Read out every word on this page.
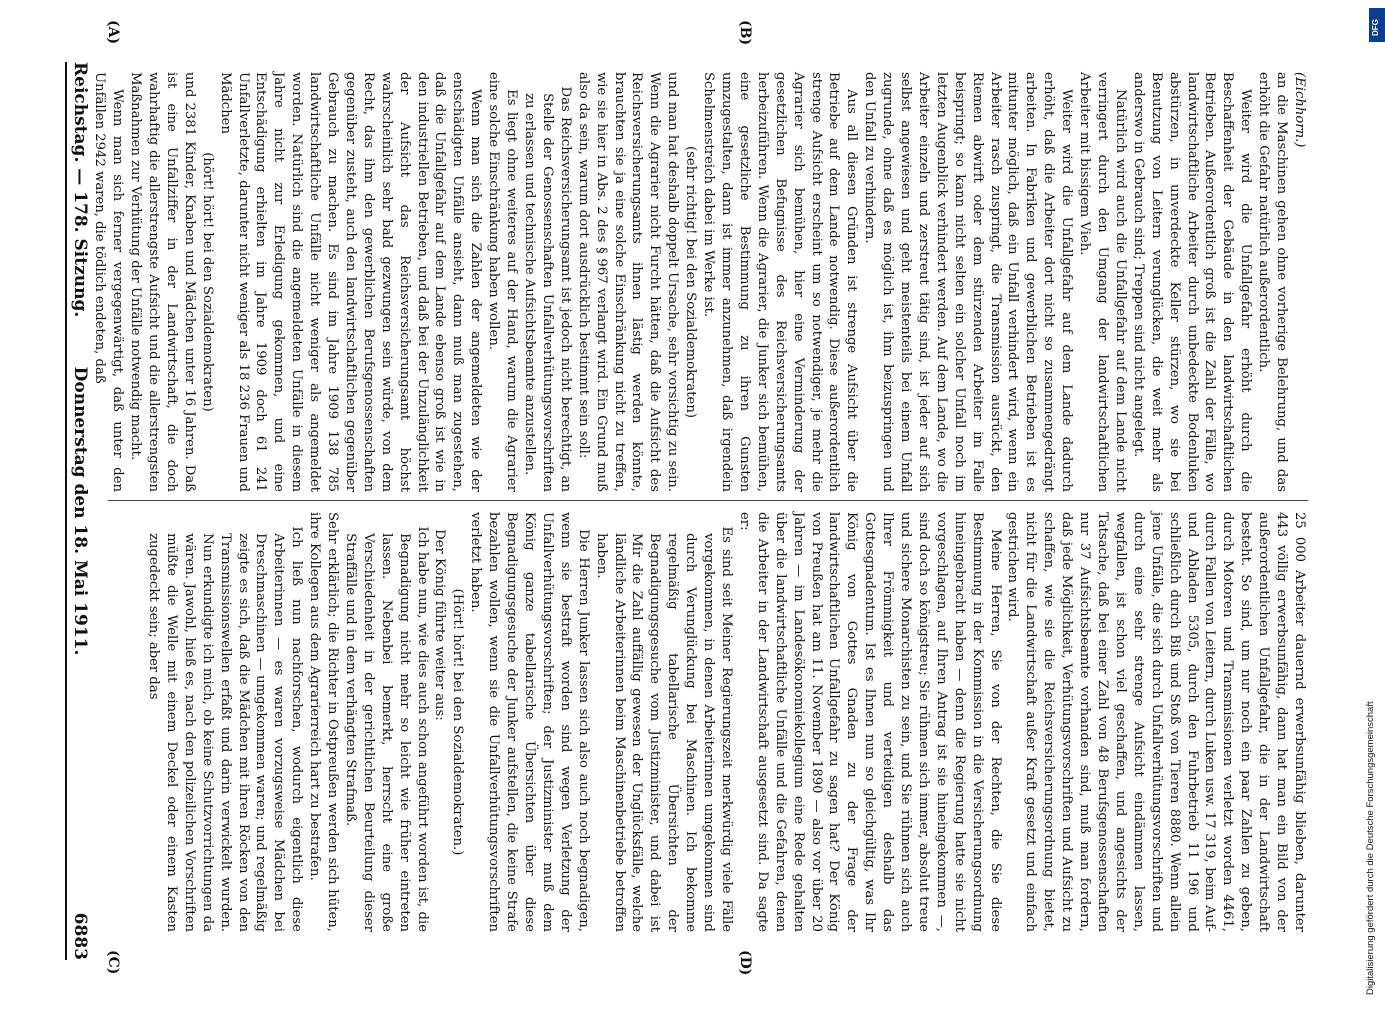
Reichstag. — 178. Sitzung.
Donnerstag den 18. Mai 1911.
6883
(A)	(B)
(C)	(D)

(Eichhorn.)

an die Maschinen gehen ohne vorherige Belehrung, und das erhöht die Gefahr natürlich außerordentlich.

Weiter wird die Unfallgefahr erhöht durch die Beschaffenheit der Gebäude in den landwirtschaftlichen Betrieben. Außerordentlich groß ist die Zahl der Fälle, wo landwirtschaftliche Arbeiter durch unbedeckte Bodenluken abstürzen, in unverdeckte Keller stürzen, wo sie bei Benutzung von Leitern verunglücken, die weit mehr als anderswo in Gebrauch sind; Treppen sind nicht angelegt.

Natürlich wird auch die Unfallgefahr auf dem Lande nicht verringert durch den Umgang der landwirtschaftlichen Arbeiter mit bissigem Vieh.

Weiter wird die Unfallgefahr auf dem Lande dadurch erhöht, daß die Arbeiter dort nicht so zusammengedrängt arbeiten. In Fabriken und gewerblichen Betrieben ist es mitunter möglich, daß ein Unfall verhindert wird, wenn ein Arbeiter rasch zuspringt, die Transmission ausrückt, den Riemen abwirft oder dem stürzenden Arbeiter im Falle beispringt; so kann nicht selten ein solcher Unfall noch im letzten Augenblick verhindert werden. Auf dem Lande, wo die Arbeiter einzeln und zerstreut tätig sind, ist jeder auf sich selbst angewiesen und geht meistenteils bei einem Unfall zugrunde, ohne daß es möglich ist, ihm beizuspringen und den Unfall zu verhindern.

Aus all diesen Gründen ist strenge Aufsicht über die Betriebe auf dem Lande notwendig. Diese außerordentlich strenge Aufsicht erscheint um so notwendiger, je mehr die Agrarier sich bemühen, hier eine Verminderung der gesetzlichen Befugnisse des Reichsversicherungsamts herbeizuführen. Wenn die Agrarier, die Junker sich bemühen, eine gesetzliche Bestimmung zu ihren Gunsten umzugestalten, dann ist immer anzunehmen, daß irgendein Schelmenstreich dabei im Werke ist.

(sehr richtig! bei den Sozialdemokraten)

und man hat deshalb doppelt Ursache, sehr vorsichtig zu sein. Wenn die Agrarier nicht Furcht hätten, daß die Aufsicht des Reichsversicherungsamts ihnen lästig werden könnte, brauchten sie ja eine solche Einschränkung nicht zu treffen, wie sie hier in Abs. 2 des § 967 verlangt wird. Ein Grund muß also da sein, warum dort ausdrücklich bestimmt sein soll:

Das Reichsversicherungsamt ist jedoch nicht berechtigt, an Stelle der Genossenschaften Unfallverhütungsvorschriften zu erlassen und technische Aufsichtsbeamte anzustellen.

Es liegt ohne weiteres auf der Hand, warum die Agrarier eine solche Einschränkung haben wollen.

Wenn man sich die Zahlen der angemeldeten wie der entschädigten Unfälle ansieht, dann muß man zugestehen, daß die Unfallgefahr auf dem Lande ebenso groß ist wie in den industriellen Betrieben, und daß bei der Unzulänglichkeit der Aufsicht das Reichsversicherungsamt höchst wahrscheinlich sehr bald gezwungen sein würde, von dem Recht, das ihm den gewerblichen Berufsgenossenschaften gegenüber zusteht, auch den landwirtschaftlichen gegenüber Gebrauch zu machen. Es sind im Jahre 1909 138 785 landwirtschaftliche Unfälle nicht weniger als angemeldet worden. Natürlich sind die angemeldeten Unfälle in diesem Jahre nicht zur Erledigung gekommen, und eine Entschädigung erhielten im Jahre 1909 doch 61 241 Unfallverletzte, darunter nicht weniger als 18 236 Frauen und Mädchen

(hört! hört! bei den Sozialdemokraten)

und 2381 Kinder, Knaben und Mädchen unter 16 Jahren. Daß ist eine Unfallziffer in der Landwirtschaft, die doch wahrhaftig die allerstrengste Aufsicht und die allerstrengsten Maßnahmen zur Verhütung der Unfälle notwendig macht.

Wenn man sich ferner vergegenwärtigt, daß unter den Unfällen 2942 waren, die tödlich endeten, daß

25 000 Arbeiter dauernd erwerbsunfähig blieben, darunter 443 völlig erwerbsunfähig, dann hat man ein Bild von der außerordentlichen Unfallgefahr, die in der Landwirtschaft besteht. So sind, um nur noch ein paar Zahlen zu geben, durch Motoren und Transmissionen verletzt worden 4461, durch Fallen von Leitern, durch Luken usw. 17 319, beim Auf- und Abladen 5305, durch den Fuhrbetrieb 11 196 und schließlich durch Biß und Stoß von Tieren 8880. Wenn allein jene Unfälle, die sich durch Unfallverhütungsvorschriften und durch eine sehr strenge Aufsicht eindämmen lassen, wegfallen, ist schon viel geschaffen, und angesichts der Tatsache, daß bei einer Zahl von 48 Berufsgenossenschaften nur 37 Aufsichtsbeamte vorhanden sind, muß man fordern, daß jede Möglichkeit, Verhütungsvorschriften und Aufsicht zu schaffen, wie sie die Reichsversicherungsordnung bietet, nicht für die Landwirtschaft außer Kraft gesetzt und einfach gestrichen wird.

Meine Herren, Sie von der Rechten, die Sie diese Bestimmung in der Kommission in die Versicherungsordnung hineingebracht haben — denn die Regierung hatte sie nicht vorgeschlagen, auf Ihren Antrag ist sie hineingekommen —, sind doch so königstreu; Sie rühmen sich immer, absolut treue und sichere Monarchisten zu sein, und Sie rühmen sich auch Ihrer Frömmigkeit und verteidigen deshalb das Gottesgnadentum. Ist es Ihnen nun so gleichgültig, was Ihr König von Gottes Gnaden zu der Frage der landwirtschaftlichen Unfallgefahr zu sagen hat? Der König von Preußen hat am 11. November 1890 — also vor über 20 Jahren — im Landesökonomiekollegium eine Rede gehalten über die landwirtschaftliche Unfälle und die Gefahren, denen die Arbeiter in der Landwirtschaft ausgesetzt sind. Da sagte er:

Es sind seit Meiner Regierungszeit merkwürdig viele Fälle vorgekommen, in denen Arbeiterinnen umgekommen sind durch Verunglückung bei Maschinen. Ich bekomme regelmäßig tabellarische Übersichten der Begnadigungsgesuche vom Justizminister, und dabei ist Mir die Zahl auffällig gewesen der Unglücksfälle, welche ländliche Arbeiterinnen beim Maschinenbetriebe betroffen haben.

Die Herren Junker lassen sich also auch noch begnadigen, wenn sie bestraft worden sind wegen Verletzung der Unfallverhütungsvorschriften; der Justizminister muß dem König ganze tabellarische Übersichten über diese Begnadigungsgesuche der Junker aufstellen, die keine Strafe bezahlen wollen, wenn sie die Unfallverhütungsvorschriften verletzt haben.

(Hört! hört! bei den Sozialdemokraten.)

Der König führte weiter aus:

Ich habe nun, wie dies auch schon angeführt worden ist, die Begnadigung nicht mehr so leicht wie früher eintreten lassen. Nebenbei bemerkt, herrscht eine große Verschiedenheit in der gerichtlichen Beurteilung dieser Straffälle und in dem verhängten Strafmaß.

Sehr erklärlich; die Richter in Ostpreußen werden sich hüten, ihre Kollegen aus dem Agrarierreich hart zu bestrafen.

Ich ließ nun nachforschen, wodurch eigentlich diese Arbeiterinnen — es waren vorzugsweise Mädchen bei Dreschmaschinen — umgekommen waren; und regelmäßig zeigte es sich, daß die Mädchen mit ihren Röcken von den Transmissionswellen erfaßt und darin verwickelt wurden. Nun erkundigte ich mich, ob keine Schutzvorrichtungen da wären. Jawohl, hieß es, nach den polizeilichen Vorschriften müßte die Welle mit einem Deckel oder einem Kasten zugedeckt sein; aber das

DFG
Digitalisierung gefördert durch die Deutsche Forschungsgemeinschaft
